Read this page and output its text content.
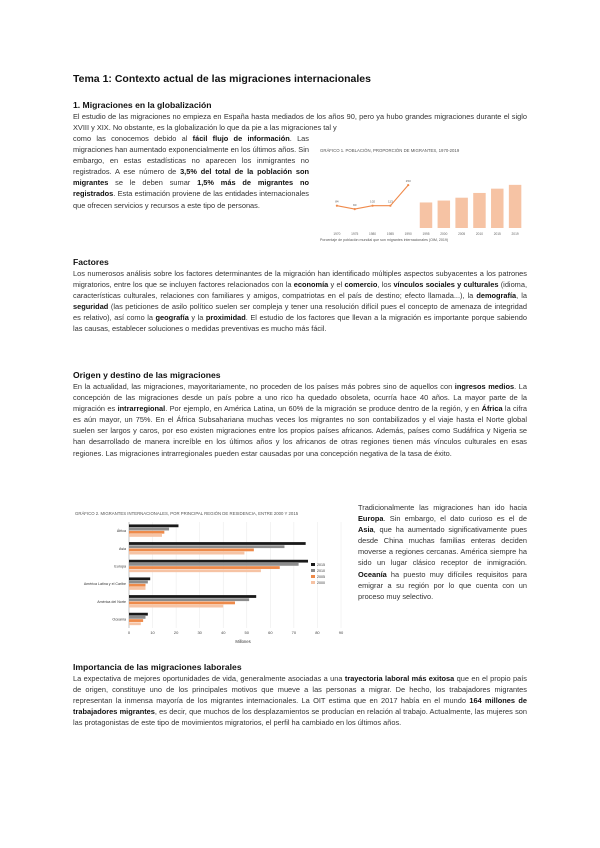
Tema 1: Contexto actual de las migraciones internacionales
1. Migraciones en la globalización

El estudio de las migraciones no empieza en España hasta mediados de los años 90, pero ya hubo grandes migraciones durante el siglo XVIII y XIX. No obstante, es la globalización lo que da pie a las migraciones tal y

como las conocemos debido al fácil flujo de información. Las migraciones han aumentado exponencialmente en los últimos años. Sin embargo, en estas estadísticas no aparecen los inmigrantes no registrados. A ese número de 3,5% del total de la población son migrantes se le deben sumar 1,5% más de migrantes no registrados. Esta estimación proviene de las entidades internacionales que ofrecen servicios y recursos a este tipo de personas.

GRÁFICO 1. POBLACIÓN, PROPORCIÓN DE MIGRANTES, 1970-2019
84
90
102	113
153
1970	1975	1980	1985	1990	1995	2000	2005	2010	2015	2019
Porcentaje de población mundial que son migrantes internacionales (OIM, 2019)
Factores

Los numerosos análisis sobre los factores determinantes de la migración han identificado múltiples aspectos subyacentes a los patrones migratorios, entre los que se incluyen factores relacionados con la economía y el comercio, los vínculos sociales y culturales (idioma, características culturales, relaciones con familiares y amigos, compatriotas en el país de destino; efecto llamada...), la demografía, la seguridad (las peticiones de asilo político suelen ser compleja y tener una resolución difícil pues el concepto de amenaza de integridad es relativo), así como la geografía y la proximidad. El estudio de los factores que llevan a la migración es importante porque sabiendo las causas, establecer soluciones o medidas preventivas es mucho más fácil.

Origen y destino de las migraciones

En la actualidad, las migraciones, mayoritariamente, no proceden de los países más pobres sino de aquellos con ingresos medios. La concepción de las migraciones desde un país pobre a uno rico ha quedado obsoleta, ocurría hace 40 años. La mayor parte de la migración es intrarregional. Por ejemplo, en América Latina, un 60% de la migración se produce dentro de la región, y en África la cifra es aún mayor, un 75%. En el África Subsahariana muchas veces los migrantes no son contabilizados y el viaje hasta el Norte global suelen ser largos y caros, por eso existen migraciones entre los propios países africanos. Además, países como Sudáfrica y Nigeria se han desarrollado de manera increíble en los últimos años y los africanos de otras regiones tienen más vínculos culturales en esas regiones. Las migraciones intrarregionales pueden estar causadas por una concepción negativa de la tasa de éxito.

GRÁFICO 2. MIGRANTES INTERNACIONALES, POR PRINCIPAL REGIÓN DE RESIDENCIA, ENTRE 2000 Y 2015
África
Asia
Europa
América Latina y el Caribe
América del Norte
Oceanía
0	10	20	30	40	50	60	70	80	90
2015
2010
2005
2000
Millones

Tradicionalmente las migraciones han ido hacia Europa. Sin embargo, el dato curioso es el de Asia, que ha aumentado significativamente pues desde China muchas familias enteras deciden moverse a regiones cercanas. América siempre ha sido un lugar clásico receptor de inmigración. Oceanía ha puesto muy difíciles requisitos para emigrar a su región por lo que cuenta con un proceso muy selectivo.

Importancia de las migraciones laborales

La expectativa de mejores oportunidades de vida, generalmente asociadas a una trayectoria laboral más exitosa que en el propio país de origen, constituye uno de los principales motivos que mueve a las personas a migrar. De hecho, los trabajadores migrantes representan la inmensa mayoría de los migrantes internacionales. La OIT estima que en 2017 había en el mundo 164 millones de trabajadores migrantes, es decir, que muchos de los desplazamientos se producían en relación al trabajo. Actualmente, las mujeres son las protagonistas de este tipo de movimientos migratorios, el perfil ha cambiado en los últimos años.
